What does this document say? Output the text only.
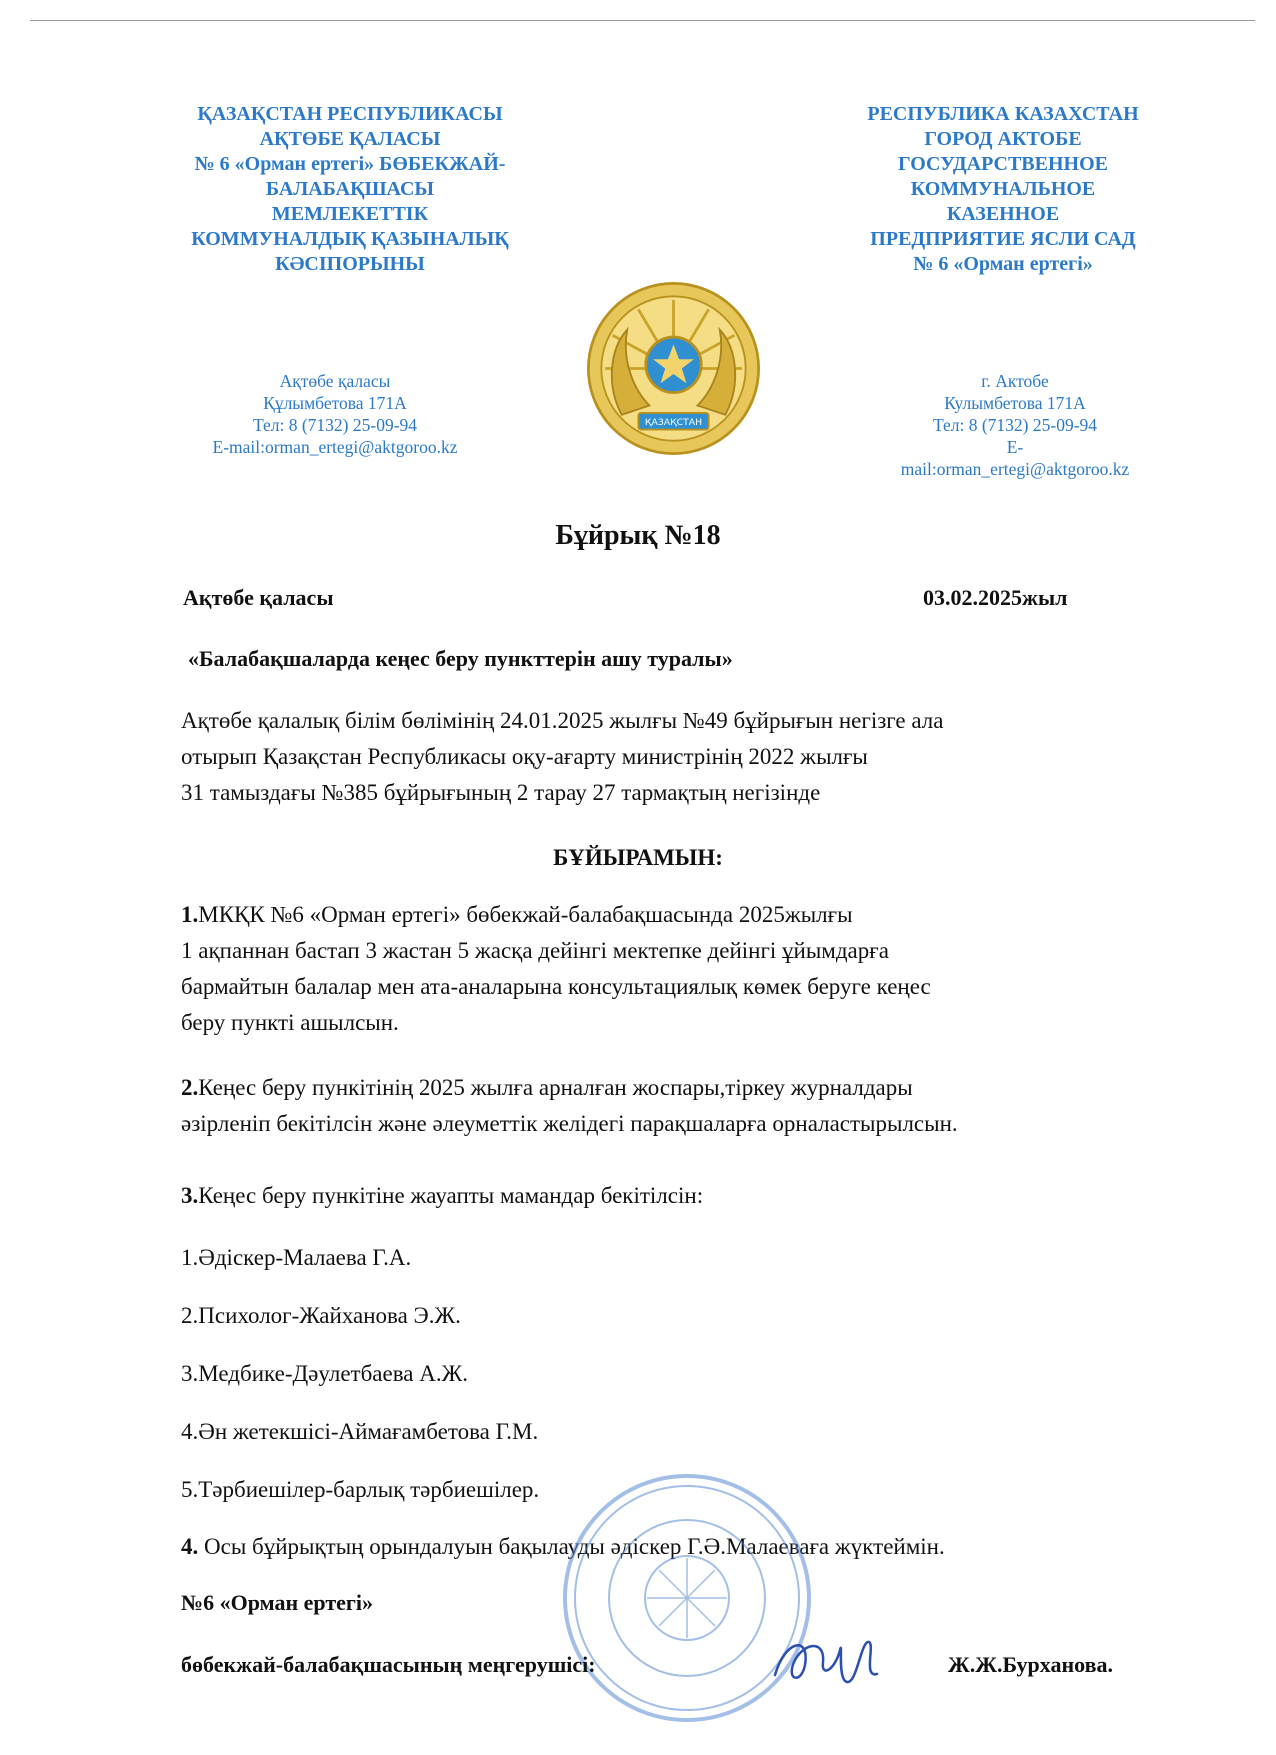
ҚАЗАҚСТАН РЕСПУБЛИКАСЫ
АҚТӨБЕ ҚАЛАСЫ
№ 6 «Орман ертегі» БӨБЕКЖАЙ-
БАЛАБАҚШАСЫ
МЕМЛЕКЕТТІК
КОММУНАЛДЫҚ ҚАЗЫНАЛЫҚ
КӘСІПОРЫНЫ
РЕСПУБЛИКА КАЗАХСТАН
ГОРОД АКТОБЕ
ГОСУДАРСТВЕННОЕ
КОММУНАЛЬНОЕ
КАЗЕННОЕ
ПРЕДПРИЯТИЕ ЯСЛИ САД
№ 6 «Орман ертегі»
Ақтөбе қаласы
Құлымбетова 171А
Тел: 8 (7132) 25-09-94
E-mail:orman_ertegi@aktgoroo.kz
г. Актобе
Кулымбетова 171А
Тел: 8 (7132) 25-09-94
E-
mail:orman_ertegi@aktgoroo.kz
ҚАЗАҚСТАН
Бұйрық №18
Ақтөбе қаласы	03.02.2025жыл
«Балабақшаларда кеңес беру пункттерін ашу туралы»
Ақтөбе қалалық білім бөлімінің 24.01.2025 жылғы №49 бұйрығын негізге ала
отырып Қазақстан Республикасы оқу-ағарту министрінің 2022 жылғы
31 тамыздағы №385 бұйрығының 2 тарау 27 тармақтың негізінде
БҰЙЫРАМЫН:
1.МКҚК №6 «Орман ертегі» бөбекжай-балабақшасында 2025жылғы
1 ақпаннан бастап 3 жастан 5 жасқа дейінгі мектепке дейінгі ұйымдарға
бармайтын балалар мен ата-аналарына консультациялық көмек беруге кеңес
беру пункті ашылсын.
2.Кеңес беру пункітінің 2025 жылға арналған жоспары,тіркеу журналдары
әзірленіп бекітілсін және әлеуметтік желідегі парақшаларға орналастырылсын.
3.Кеңес беру пункітіне жауапты мамандар бекітілсін:
1.Әдіскер-Малаева Г.А.
2.Психолог-Жайханова Э.Ж.
3.Медбике-Дәулетбаева А.Ж.
4.Ән жетекшісі-Аймағамбетова Г.М.
5.Тәрбиешілер-барлық тәрбиешілер.
4. Осы бұйрықтың орындалуын бақылауды әдіскер Г.Ә.Малаеваға жүктеймін.
№6 «Орман ертегі»
бөбекжай-балабақшасының меңгерушісі:	Ж.Ж.Бурханова.
